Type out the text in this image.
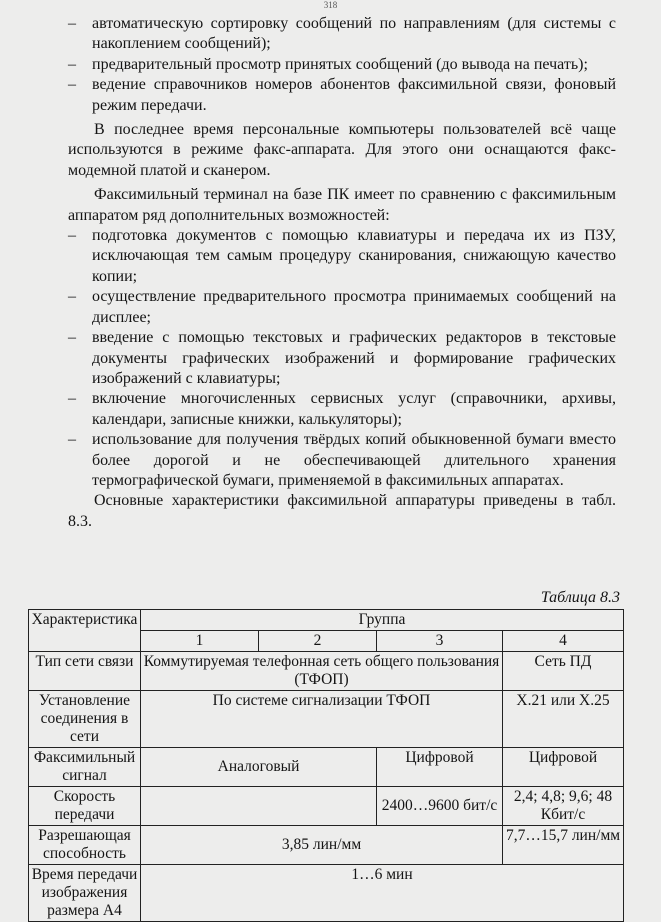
318

– автоматическую сортировку сообщений по направлениям (для системы с накоплением сообщений);

– предварительный просмотр принятых сообщений (до вывода на печать);

– ведение справочников номеров абонентов факсимильной связи, фоновый режим передачи.

В последнее время персональные компьютеры пользователей всё чаще используются в режиме факс-аппарата. Для этого они оснащаются факс-модемной платой и сканером.

Факсимильный терминал на базе ПК имеет по сравнению с факсимильным аппаратом ряд дополнительных возможностей:

– подготовка документов с помощью клавиатуры и передача их из ПЗУ, исключающая тем самым процедуру сканирования, снижающую качество копии;

– осуществление предварительного просмотра принимаемых сообщений на дисплее;

– введение с помощью текстовых и графических редакторов в текстовые документы графических изображений и формирование графических изображений с клавиатуры;

– включение многочисленных сервисных услуг (справочники, архивы, календари, записные книжки, калькуляторы);

– использование для получения твёрдых копий обыкновенной бумаги вместо более дорогой и не обеспечивающей длительного хранения термографической бумаги, применяемой в факсимильных аппаратах.

Основные характеристики факсимильной аппаратуры приведены в табл. 8.3.

Таблица 8.3
Характеристика	Группа			
	1	2	3	4
Тип сети связи	Коммутируемая телефонная сеть общего пользования (ТФОП)			Сеть ПД
Установление соединения в сети	По системе сигнализации ТФОП			X.21 или X.25
Факсимильный сигнал	Аналоговый		Цифровой	Цифровой
Скорость передачи			2400…9600 бит/с	2,4; 4,8; 9,6; 48 Кбит/с
Разрешающая способность	3,85 лин/мм			7,7…15,7 лин/мм
Время передачи изображения размера А4	1…6 мин			
